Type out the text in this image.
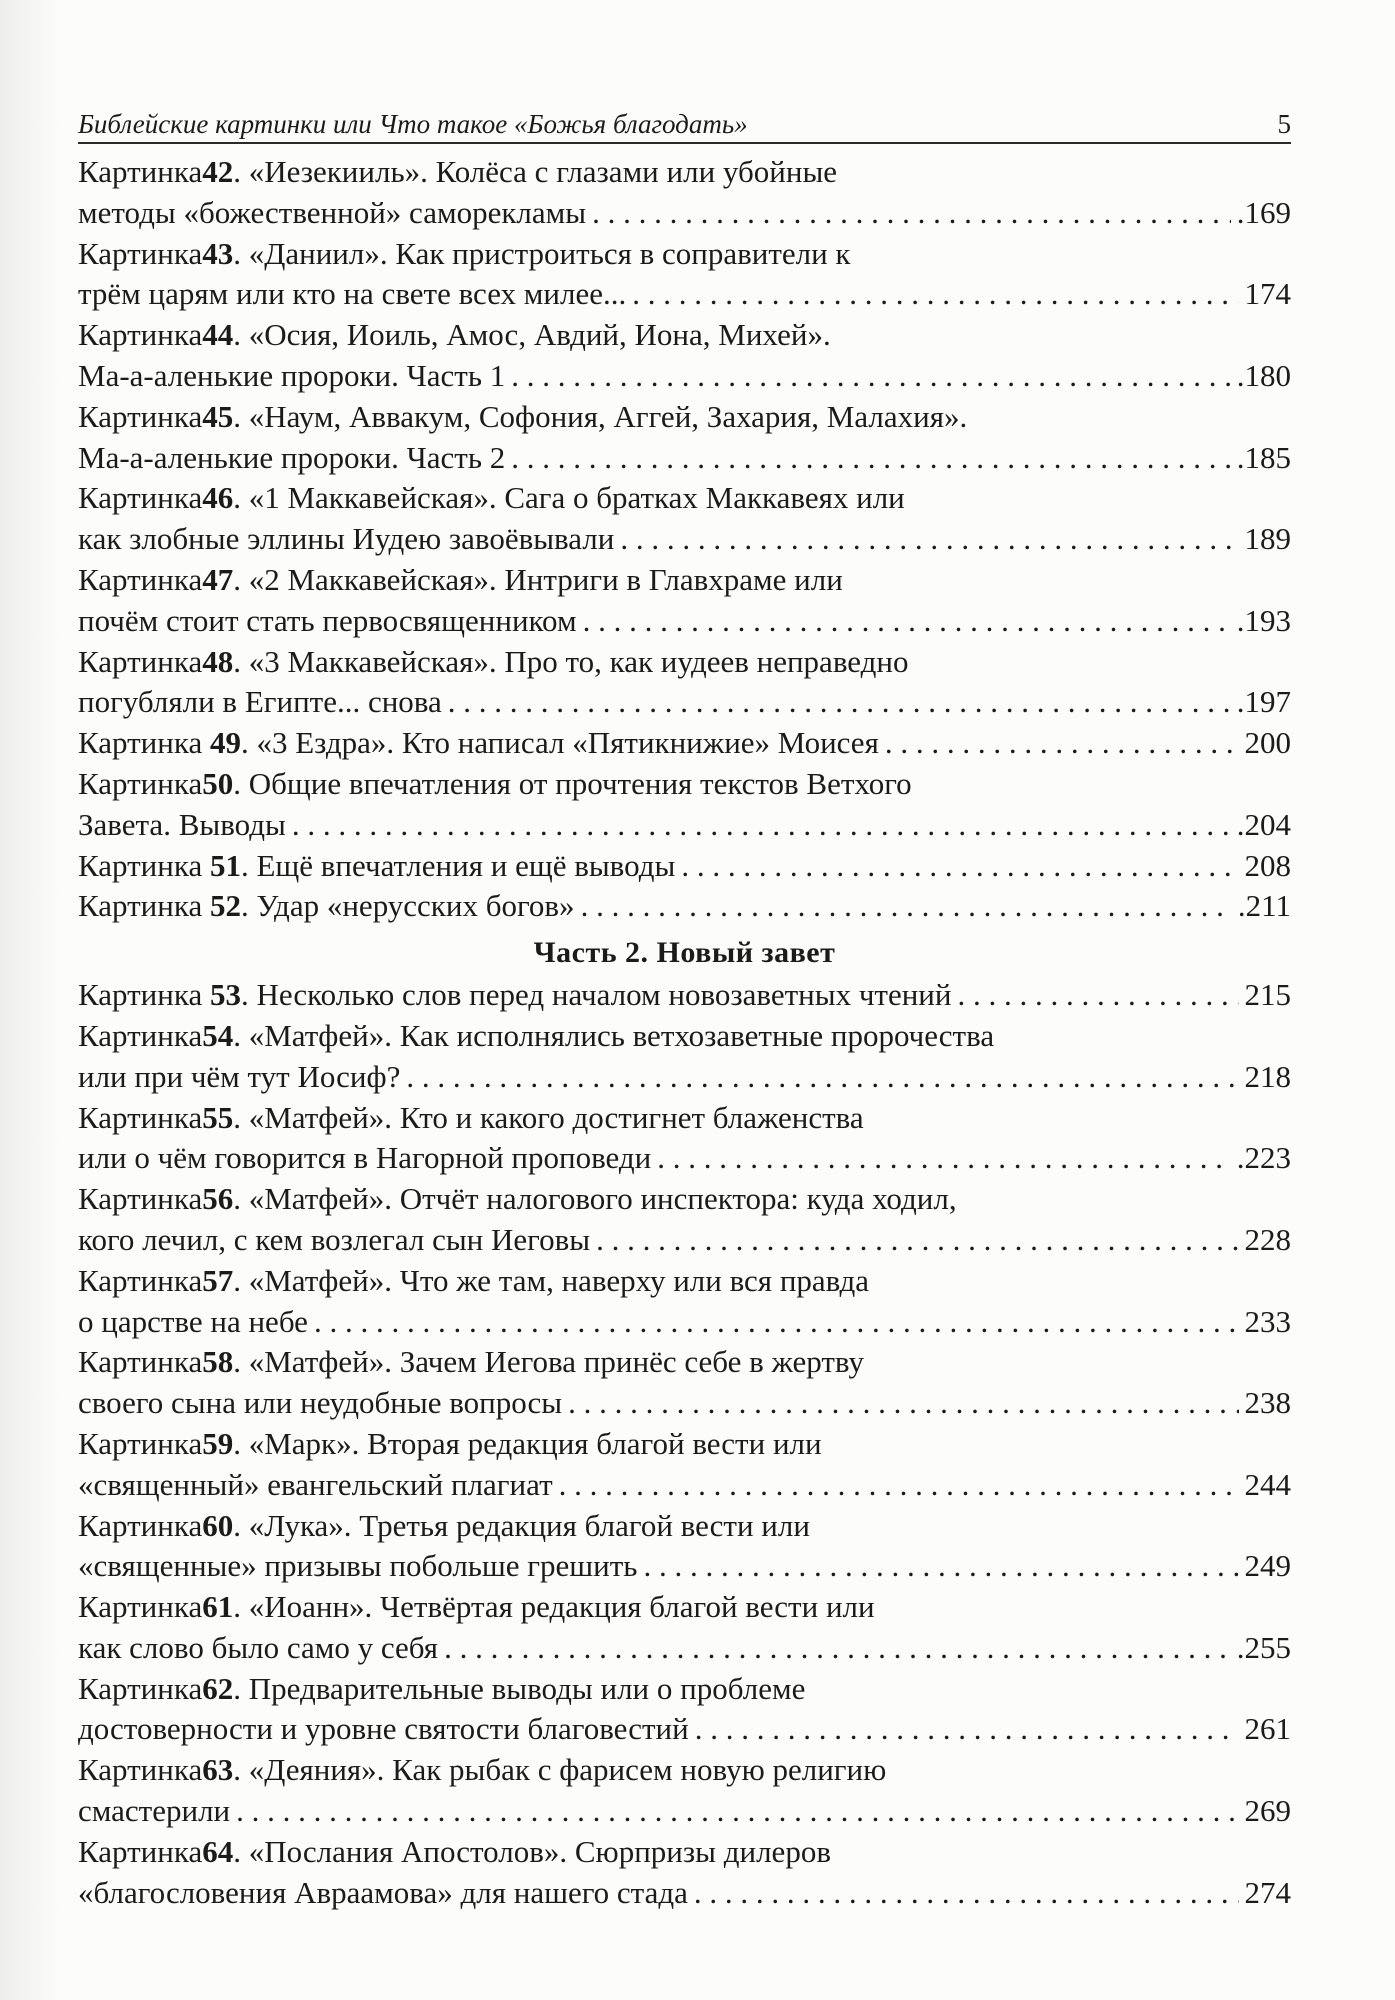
Библейские картинки или Что такое «Божья благодать»	5
Картинка 42 . «Иезекииль». Колёса с глазами или убойные
методы «божественной» саморекламы . . .	.169
Картинка 43 . «Даниил». Как пристроиться в соправители к
трём царям или кто на свете всех милее... . . .	174
Картинка 44 . «Осия, Иоиль, Амос, Авдий, Иона, Михей».
Ма-а-аленькие пророки. Часть 1 . . .	.180
Картинка 45 . «Наум, Аввакум, Софония, Аггей, Захария, Малахия».
Ма-а-аленькие пророки. Часть 2 . . .	.185
Картинка 46 . «1 Маккавейская». Сага о братках Маккавеях или
как злобные эллины Иудею завоёвывали . . .	189
Картинка 47 . «2 Маккавейская». Интриги в Главхраме или
почём стоит стать первосвященником . . .	.193
Картинка 48 . «3 Маккавейская». Про то, как иудеев неправедно
погубляли в Египте... снова . . .	.197
Картинка 49. «3 Ездра». Кто написал «Пятикнижие» Моисея . . .	200
Картинка 50 . Общие впечатления от прочтения текстов Ветхого
Завета. Выводы . . .	.204
Картинка 51. Ещё впечатления и ещё выводы . . .	208
Картинка 52. Удар «нерусских богов» . . .	.211
Часть 2. Новый завет
Картинка 53. Несколько слов перед началом новозаветных чтений . . .	215
Картинка 54 . «Матфей». Как исполнялись ветхозаветные пророчества
или при чём тут Иосиф? . . .	218
Картинка 55 . «Матфей». Кто и какого достигнет блаженства
или о чём говорится в Нагорной проповеди . . .	.223
Картинка 56 . «Матфей». Отчёт налогового инспектора: куда ходил,
кого лечил, с кем возлегал сын Иеговы . . .	228
Картинка 57 . «Матфей». Что же там, наверху или вся правда
о царстве на небе . . .	233
Картинка 58 . «Матфей». Зачем Иегова принёс себе в жертву
своего сына или неудобные вопросы . . .	238
Картинка 59 . «Марк». Вторая редакция благой вести или
«священный» евангельский плагиат . . .	244
Картинка 60 . «Лука». Третья редакция благой вести или
«священные» призывы побольше грешить . . .	249
Картинка 61 . «Иоанн». Четвёртая редакция благой вести или
как слово было само у себя . . .	.255
Картинка 62 . Предварительные выводы или о проблеме
достоверности и уровне святости благовестий . . .	261
Картинка 63 . «Деяния». Как рыбак с фарисем новую религию
смастерили . . .	269
Картинка 64 . «Послания Апостолов». Сюрпризы дилеров
«благословения Авраамова» для нашего стада . . .	274
